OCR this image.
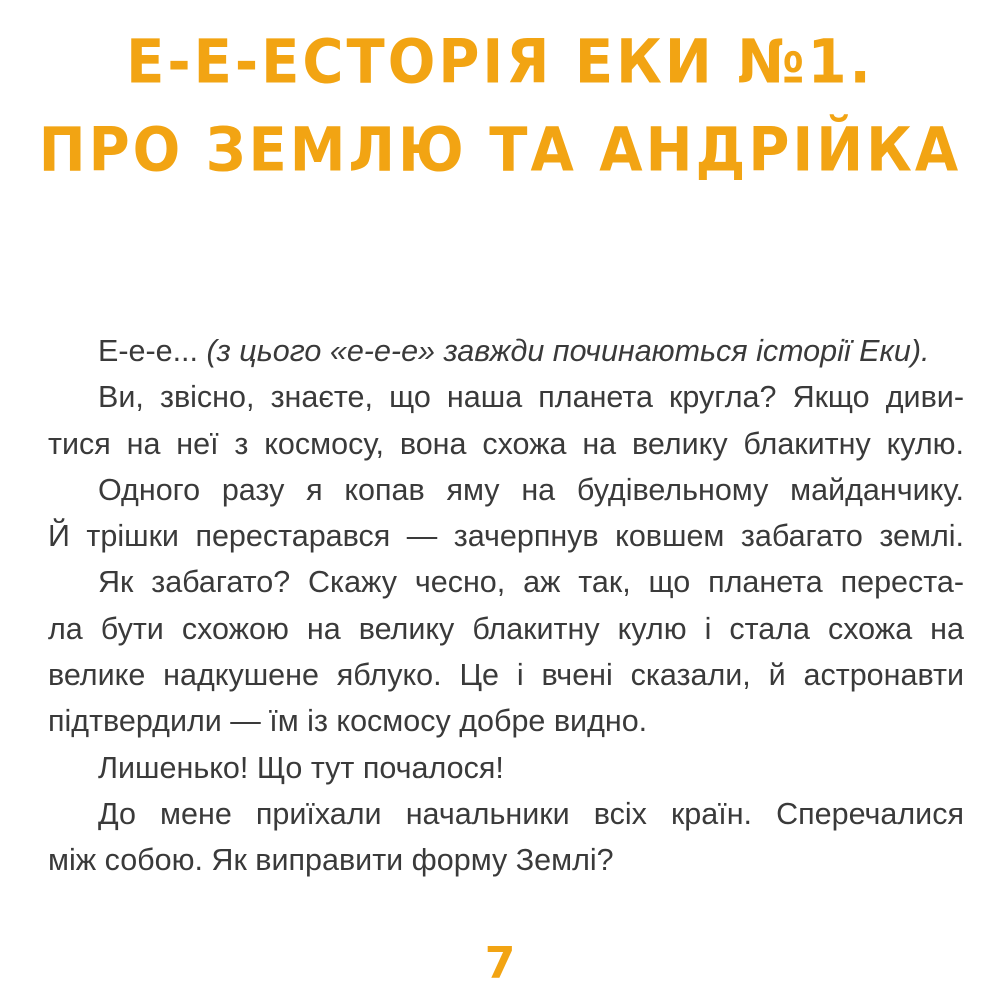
Е-Е-ЕСТОРІЯ ЕКИ №1.
ПРО ЗЕМЛЮ ТА АНДРІЙКА
Е-е-е... (з цього «е-е-е» завжди починаються історії Еки).
Ви, звісно, знаєте, що наша планета кругла? Якщо диви-
тися на неї з космосу, вона схожа на велику блакитну кулю.
Одного разу я копав яму на будівельному майданчику.
Й трішки перестарався — зачерпнув ковшем забагато землі.
Як забагато? Скажу чесно, аж так, що планета переста-
ла бути схожою на велику блакитну кулю і стала схожа на
велике надкушене яблуко. Це і вчені сказали, й астронавти
підтвердили — їм із космосу добре видно.
Лишенько! Що тут почалося!
До мене приїхали начальники всіх країн. Сперечалися
між собою. Як виправити форму Землі?
7
